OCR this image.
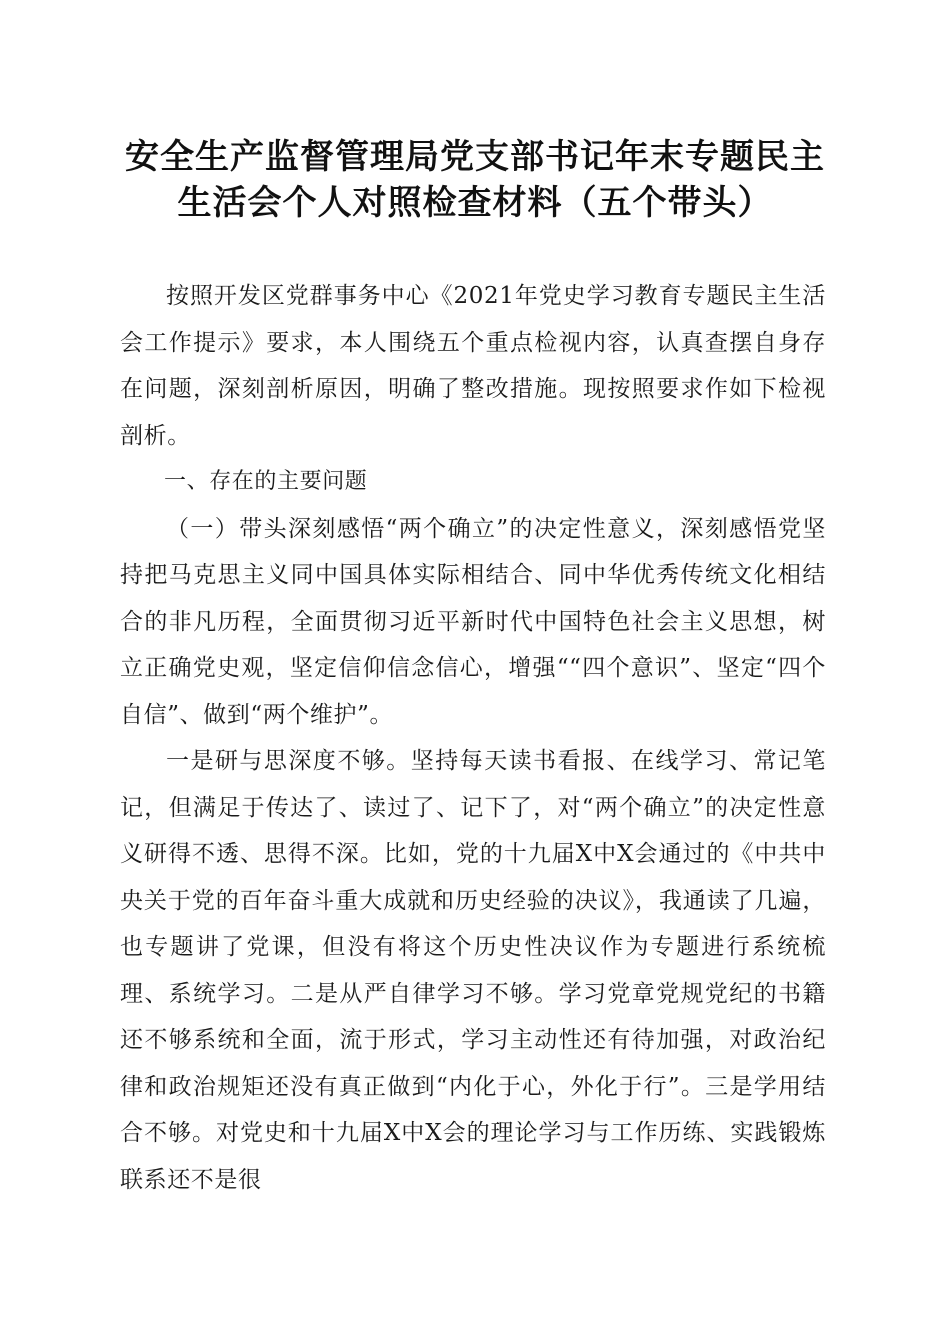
安全生产监督管理局党支部书记年末专题民主
生活会个人对照检查材料（五个带头）

按照开发区党群事务中心《2021年党史学习教育专题民主生活会工作提示》要求，本人围绕五个重点检视内容，认真查摆自身存在问题，深刻剖析原因，明确了整改措施。现按照要求作如下检视剖析。

一、存在的主要问题

（一）带头深刻感悟“两个确立”的决定性意义，深刻感悟党坚持把马克思主义同中国具体实际相结合、同中华优秀传统文化相结合的非凡历程，全面贯彻习近平新时代中国特色社会主义思想，树立正确党史观，坚定信仰信念信心，增强““四个意识”、坚定“四个自信”、做到“两个维护”。

一是研与思深度不够。坚持每天读书看报、在线学习、常记笔记，但满足于传达了、读过了、记下了，对“两个确立”的决定性意义研得不透、思得不深。比如，党的十九届X中X会通过的《中共中央关于党的百年奋斗重大成就和历史经验的决议》，我通读了几遍，也专题讲了党课，但没有将这个历史性决议作为专题进行系统梳理、系统学习。二是从严自律学习不够。学习党章党规党纪的书籍还不够系统和全面，流于形式，学习主动性还有待加强，对政治纪律和政治规矩还没有真正做到“内化于心，外化于行”。三是学用结合不够。对党史和十九届X中X会的理论学习与工作历练、实践锻炼联系还不是很
